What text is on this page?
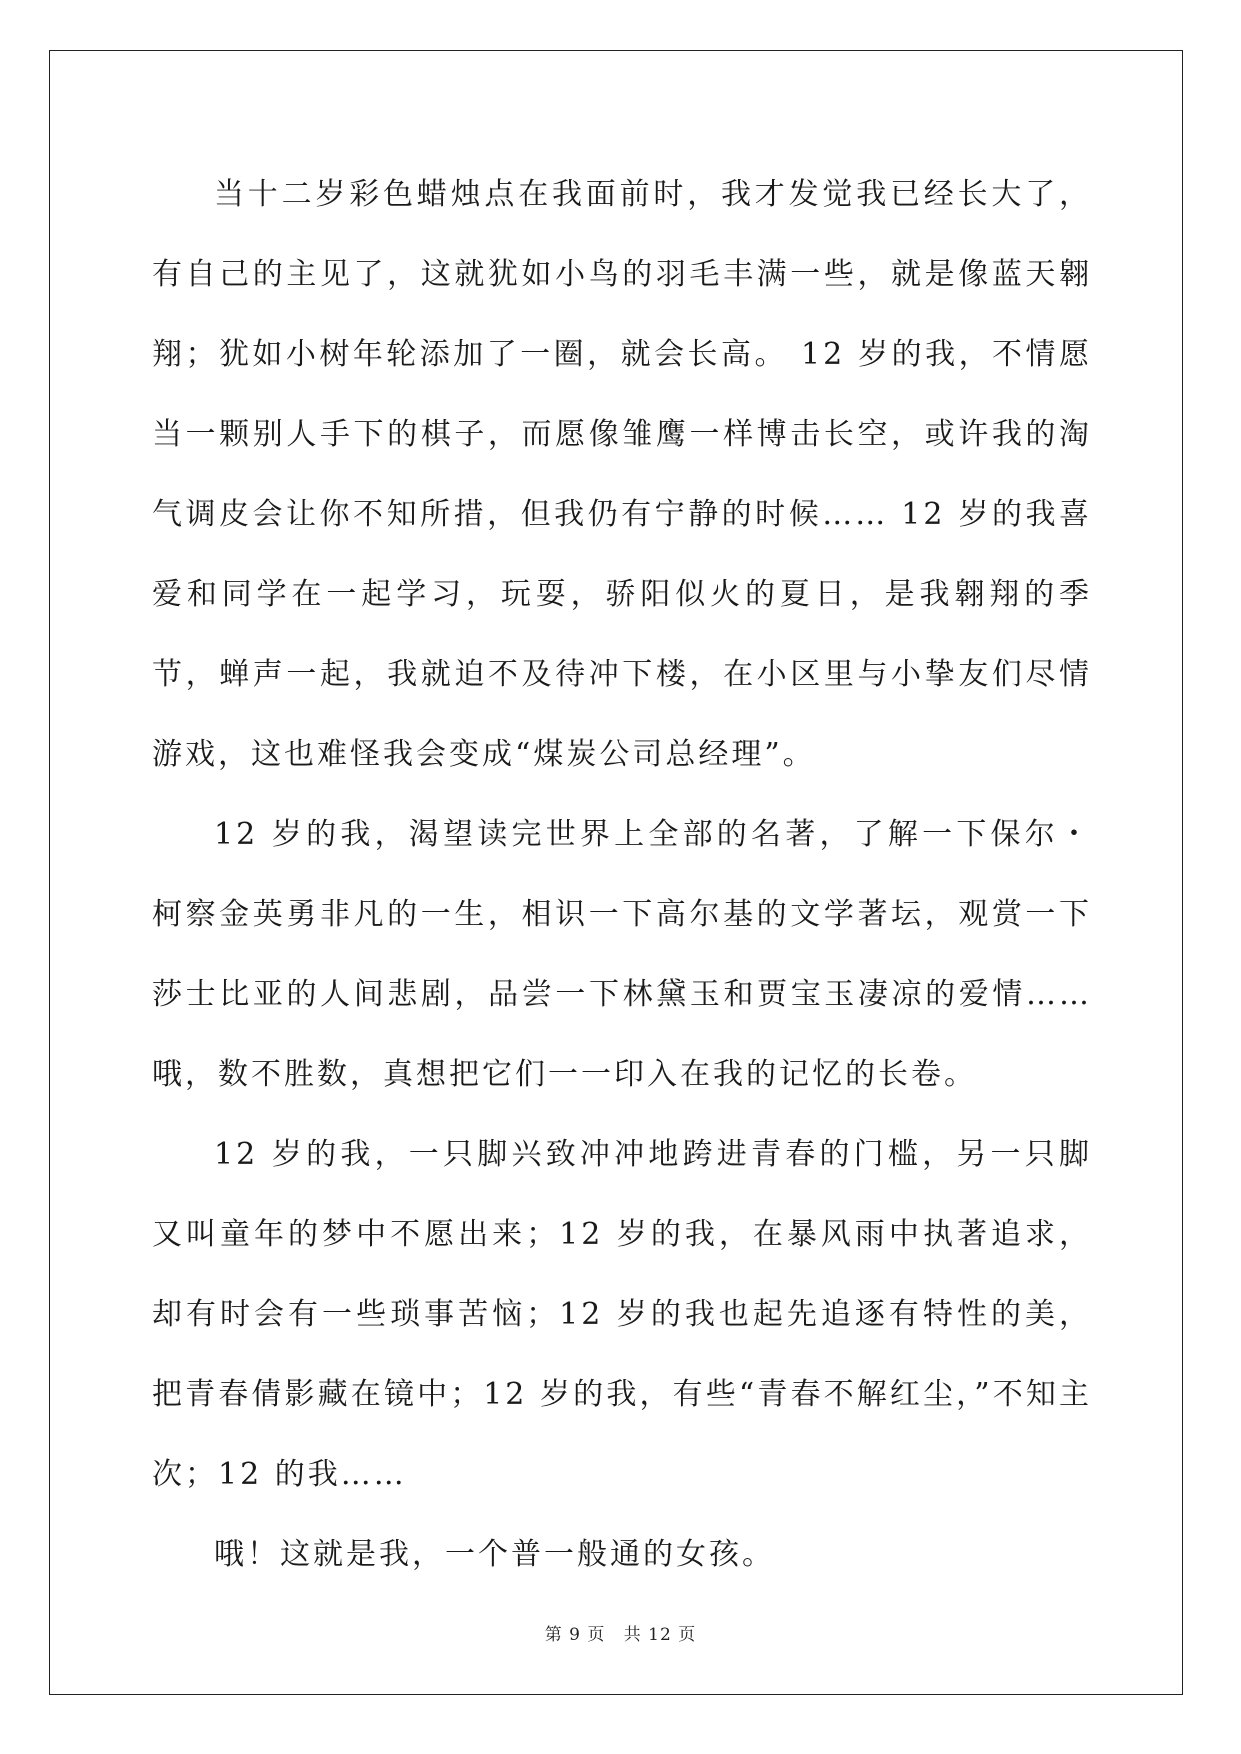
当十二岁彩色蜡烛点在我面前时，我才发觉我已经长大了，有自己的主见了，这就犹如小鸟的羽毛丰满一些，就是像蓝天翱翔；犹如小树年轮添加了一圈，就会长高。 12 岁的我，不情愿当一颗别人手下的棋子，而愿像雏鹰一样博击长空，或许我的淘气调皮会让你不知所措，但我仍有宁静的时候…… 12 岁的我喜爱和同学在一起学习，玩耍，骄阳似火的夏日，是我翱翔的季节，蝉声一起，我就迫不及待冲下楼，在小区里与小挚友们尽情游戏，这也难怪我会变成“煤炭公司总经理”。

12 岁的我，渴望读完世界上全部的名著，了解一下保尔・柯察金英勇非凡的一生，相识一下高尔基的文学著坛，观赏一下莎士比亚的人间悲剧，品尝一下林黛玉和贾宝玉凄凉的爱情……哦，数不胜数，真想把它们一一印入在我的记忆的长卷。

12 岁的我，一只脚兴致冲冲地跨进青春的门槛，另一只脚又叫童年的梦中不愿出来；12 岁的我，在暴风雨中执著追求，却有时会有一些琐事苦恼；12 岁的我也起先追逐有特性的美，把青春倩影藏在镜中；12 岁的我，有些“青春不解红尘，”不知主次；12 的我……

哦！这就是我，一个普一般通的女孩。

第 9 页 共 12 页
